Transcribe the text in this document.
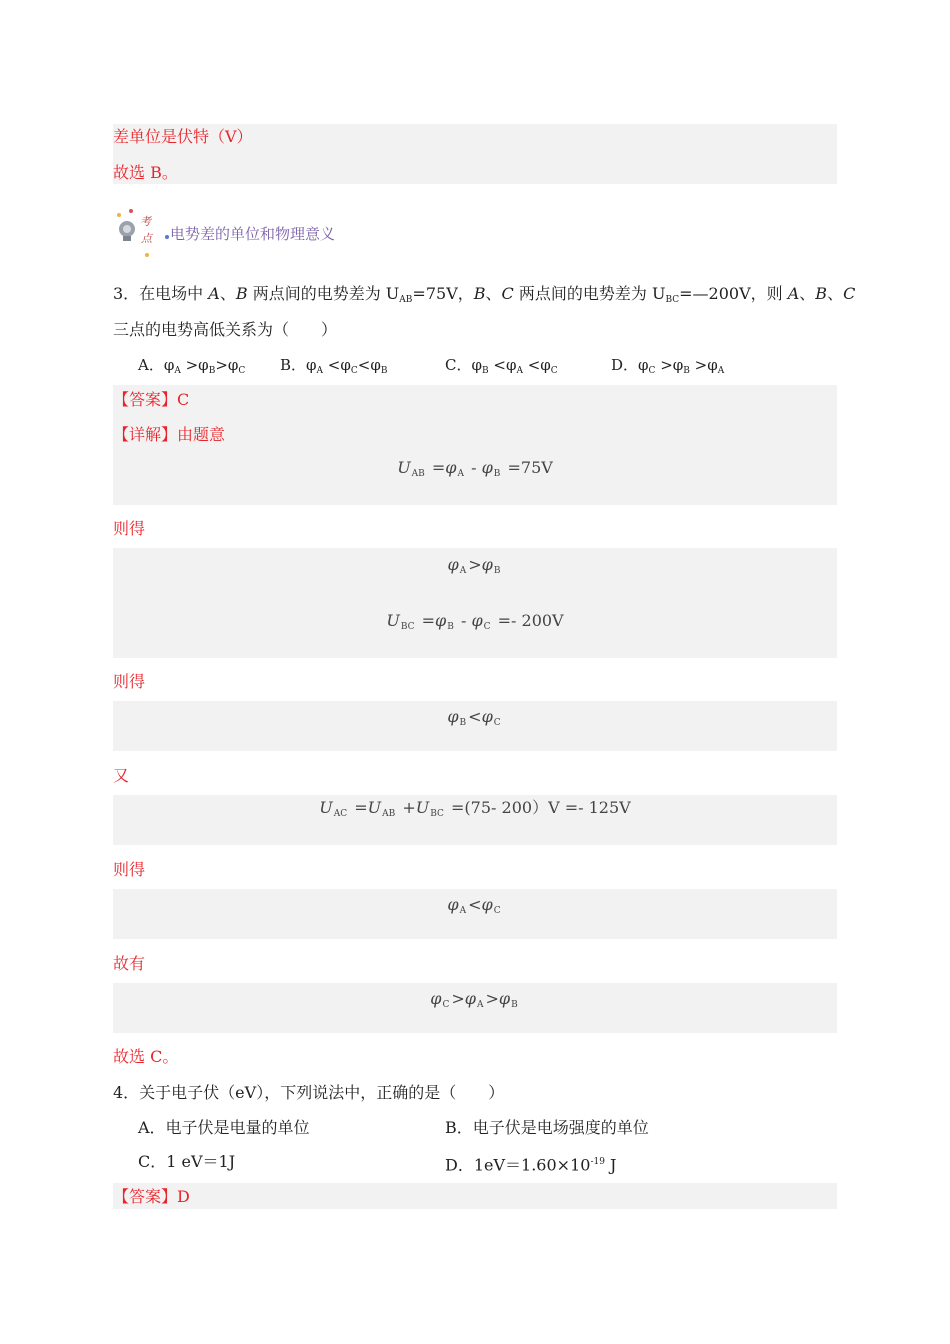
差单位是伏特（V）
故选 B。
考
点 电势差的单位和物理意义
3．在电场中 A、B 两点间的电势差为 UAB=75V，B、C 两点间的电势差为 UBC=—200V，则 A、B、C
三点的电势高低关系为（　　）
A．$\varphi_A >\varphi_B>\varphi_C$ B．$\varphi_A <\varphi_C<\varphi_B$	C．$\varphi_B <\varphi_A <\varphi_C$	D．$\varphi_C >\varphi_B >\varphi_A$
【答案】C
【详解】由题意
$U_{AB} =\varphi_A - \varphi_B =75V$
则得
$\varphi_A >\varphi_B$
$U_{BC} =\varphi_B - \varphi_C =- 200V$
则得
$\varphi_B <\varphi_C$
又
$U_{AC} =U_{AB} +U_{BC} =(75-$ 200）V =- 125V
则得
$\varphi_A <\varphi_C$
故有
$\varphi_C >\varphi_A >\varphi_B$
故选 C。
4．关于电子伏（eV），下列说法中，正确的是（　　）
A．电子伏是电量的单位	B．电子伏是电场强度的单位
C．1 eV＝1J	D．$1eV=1.60\times 10^{-19}$ J
【答案】D
